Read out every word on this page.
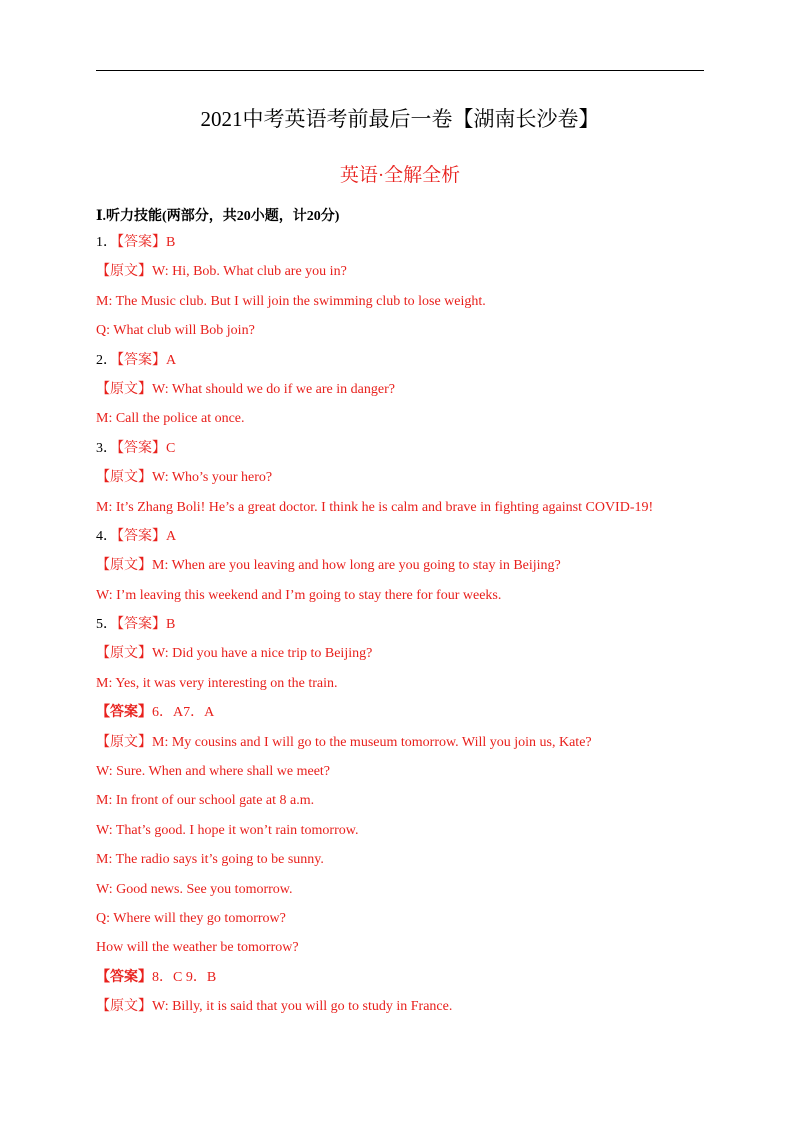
2021中考英语考前最后一卷【湖南长沙卷】
英语·全解全析
Ⅰ.听力技能(两部分，共20小题，计20分)
1．【答案】B
【原文】W: Hi, Bob. What club are you in?
M: The Music club. But I will join the swimming club to lose weight.
Q: What club will Bob join?
2．【答案】A
【原文】W: What should we do if we are in danger?
M: Call the police at once.
3．【答案】C
【原文】W: Who’s your hero?
M: It’s Zhang Boli! He’s a great doctor. I think he is calm and brave in fighting against COVID-19!
4．【答案】A
【原文】M: When are you leaving and how long are you going to stay in Beijing?
W: I’m leaving this weekend and I’m going to stay there for four weeks.
5．【答案】B
【原文】W: Did you have a nice trip to Beijing?
M: Yes, it was very interesting on the train.
【答案】6．A7．A
【原文】M: My cousins and I will go to the museum tomorrow. Will you join us, Kate?
W: Sure. When and where shall we meet?
M: In front of our school gate at 8 a.m.
W: That’s good. I hope it won’t rain tomorrow.
M: The radio says it’s going to be sunny.
W: Good news. See you tomorrow.
Q: Where will they go tomorrow?
How will the weather be tomorrow?
【答案】8．C 9．B
【原文】W: Billy, it is said that you will go to study in France.
